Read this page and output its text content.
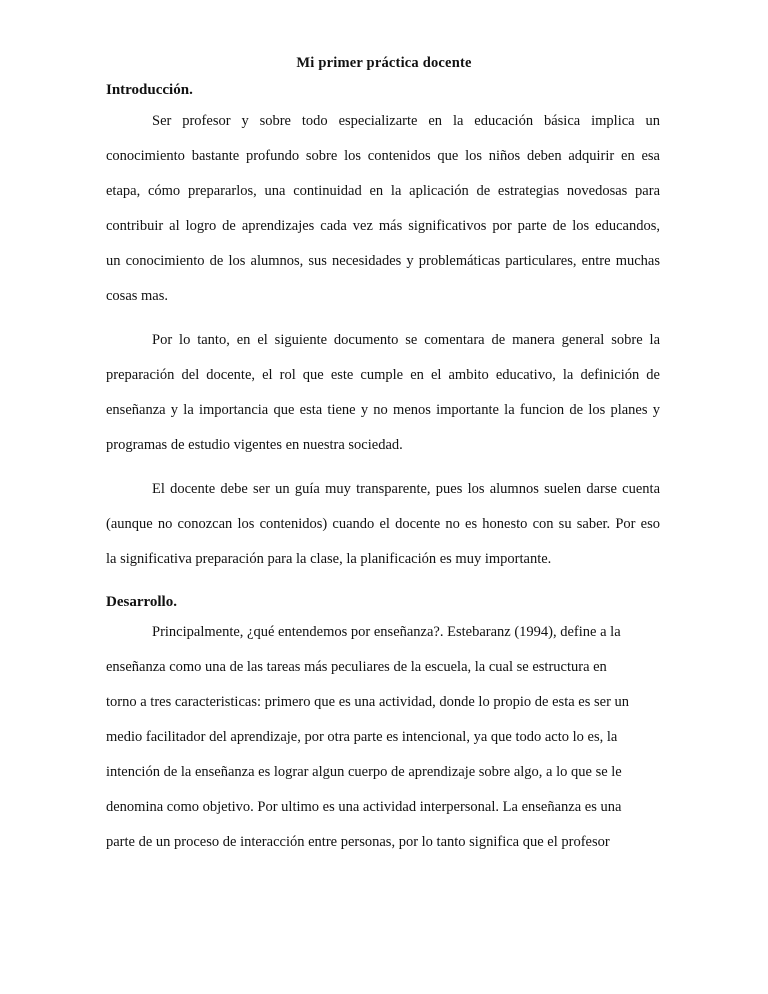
Mi primer práctica docente
Introducción.
Ser profesor y sobre todo especializarte en la educación básica implica un
conocimiento bastante profundo sobre los contenidos que los niños deben adquirir en esa
etapa, cómo prepararlos, una continuidad en la aplicación de estrategias novedosas para
contribuir al logro de aprendizajes cada vez más significativos por parte de los educandos,
un conocimiento de los alumnos, sus necesidades y problemáticas particulares, entre muchas
cosas mas.
Por lo tanto, en el siguiente documento se comentara de manera general sobre la
preparación del docente, el rol que este cumple en el ambito educativo, la definición de
enseñanza y la importancia que esta tiene y no menos importante la funcion de los planes y
programas de estudio vigentes en nuestra sociedad.
El docente debe ser un guía muy transparente, pues los alumnos suelen darse cuenta
(aunque no conozcan los contenidos) cuando el docente no es honesto con su saber. Por eso
la significativa preparación para la clase, la planificación es muy importante.
Desarrollo.
Principalmente, ¿qué entendemos por enseñanza?. Estebaranz (1994), define a la
enseñanza como una de las tareas más peculiares de la escuela, la cual se estructura en
torno a tres caracteristicas: primero que es una actividad, donde lo propio de esta es ser un
medio facilitador del aprendizaje, por otra parte es intencional, ya que todo acto lo es, la
intención de la enseñanza es lograr algun cuerpo de aprendizaje sobre algo, a lo que se le
denomina como objetivo. Por ultimo es una actividad interpersonal. La enseñanza es una
parte de un proceso de interacción entre personas, por lo tanto significa que el profesor
